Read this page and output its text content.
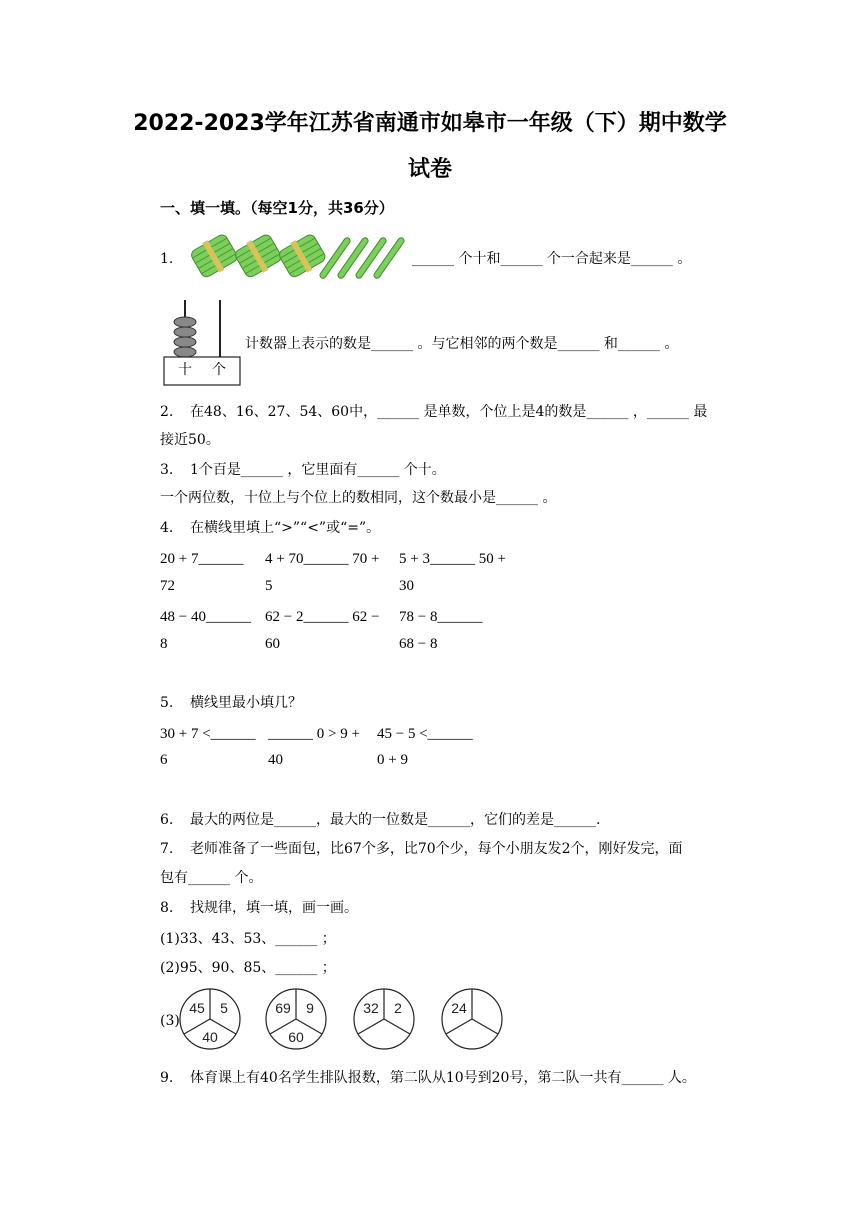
2022-2023学年江苏省南通市如皋市一年级（下）期中数学
试卷
一、填一填。（每空1分，共36分）
1.	______ 个十和______ 个一合起来是______ 。
十 个
计数器上表示的数是______ 。与它相邻的两个数是______ 和______ 。
2. 在48、16、27、54、60中，______ 是单数，个位上是4的数是______ ，______ 最
接近50。
3. 1个百是______ ，它里面有______ 个十。
一个两位数，十位上与个位上的数相同，这个数最小是______ 。
4. 在横线里填上“>”“<”或“=”。
20 + 7______ 4 + 70______ 70 + 5 + 3______ 50 +
72	5	30
48 − 40______ 62 − 2______ 62 − 78 − 8______
8	60	68 − 8
5. 横线里最小填几？
30 + 7 <______ ______ 0 > 9 + 45 − 5 <______
6	40	0 + 9
6. 最大的两位是______，最大的一位数是______，它们的差是______.
7. 老师准备了一些面包，比67个多，比70个少，每个小朋友发2个，刚好发完，面
包有______ 个。
8. 找规律，填一填，画一画。
(1)33、43、53、______ ；
(2)95、90、85、______ ；
(3)
45 5
40
69 9
60
32 2	24
9. 体育课上有40名学生排队报数，第二队从10号到20号，第二队一共有______ 人。
